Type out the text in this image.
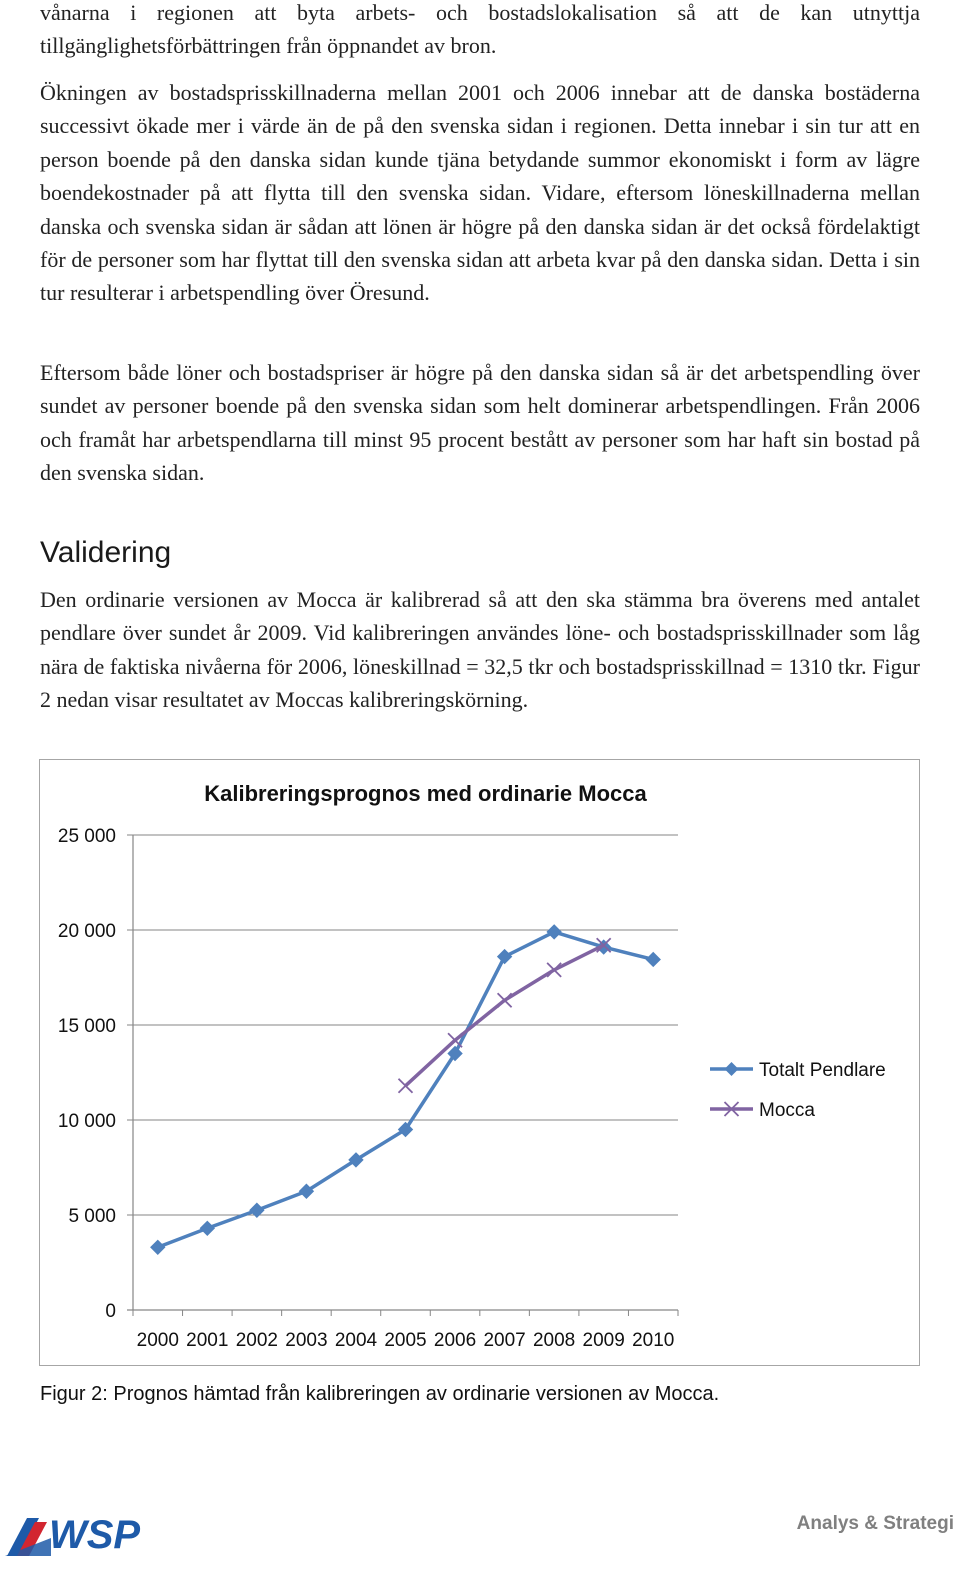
vånarna i regionen att byta arbets- och bostadslokalisation så att de kan utnyttja tillgänglighetsförbättringen från öppnandet av bron.

Ökningen av bostadsprisskillnaderna mellan 2001 och 2006 innebar att de danska bostäderna successivt ökade mer i värde än de på den svenska sidan i regionen. Detta innebar i sin tur att en person boende på den danska sidan kunde tjäna betydande summor ekonomiskt i form av lägre boendekostnader på att flytta till den svenska sidan. Vidare, eftersom löneskillnaderna mellan danska och svenska sidan är sådan att lönen är högre på den danska sidan är det också fördelaktigt för de personer som har flyttat till den svenska sidan att arbeta kvar på den danska sidan. Detta i sin tur resulterar i arbetspendling över Öresund.

Eftersom både löner och bostadspriser är högre på den danska sidan så är det arbetspendling över sundet av personer boende på den svenska sidan som helt dominerar arbetspendlingen. Från 2006 och framåt har arbetspendlarna till minst 95 procent bestått av personer som har haft sin bostad på den svenska sidan.

Validering

Den ordinarie versionen av Mocca är kalibrerad så att den ska stämma bra överens med antalet pendlare över sundet år 2009. Vid kalibreringen användes löne- och bostadsprisskillnader som låg nära de faktiska nivåerna för 2006, löneskillnad = 32,5 tkr och bostadsprisskillnad = 1310 tkr. Figur 2 nedan visar resultatet av Moccas kalibreringskörning.

Kalibreringsprognos med ordinarie Mocca
0
5 000
10 000
15 000
20 000
25 000
2000 2001 2002 2003 2004 2005 2006 2007 2008 2009 2010
Totalt Pendlare
Mocca

Figur 2: Prognos hämtad från kalibreringen av ordinarie versionen av Mocca.

WSP	Analys & Strategi
